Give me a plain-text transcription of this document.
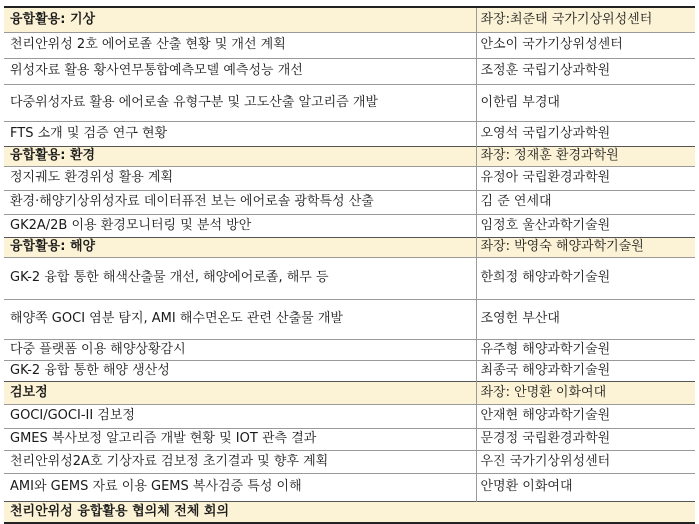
융합활용: 기상	좌장:최준태 국가기상위성센터
천리안위성 2호 에어로졸 산출 현황 및 개선 계획	안소이 국가기상위성센터
위성자료 활용 황사연무통합예측모델 예측성능 개선	조정훈 국립기상과학원
다중위성자료 활용 에어로솔 유형구분 및 고도산출 알고리즘 개발	이한림 부경대
FTS 소개 및 검증 연구 현황	오영석 국립기상과학원
융합활용: 환경	좌장: 정재훈 환경과학원
정지궤도 환경위성 활용 계획	유정아 국립환경과학원
환경·해양기상위성자료 데이터퓨전 보는 에어로솔 광학특성 산출	김 준 연세대
GK2A/2B 이용 환경모니터링 및 분석 방안	임정호 울산과학기술원
융합활용: 해양	좌장: 박영숙 해양과학기술원
GK-2 융합 통한 해색산출물 개선, 해양에어로졸, 해무 등	한희정 해양과학기술원
해양쪽 GOCI 염분 탐지, AMI 해수면온도 관련 산출물 개발	조영헌 부산대
다중 플랫폼 이용 해양상황감시	유주형 해양과학기술원
GK-2 융합 통한 해양 생산성	최종국 해양과학기술원
검보정	좌장: 안명환 이화여대
GOCI/GOCI-II 검보정	안재현 해양과학기술원
GMES 복사보정 알고리즘 개발 현황 및 IOT 관측 결과	문경정 국립환경과학원
천리안위성2A호 기상자료 검보정 초기결과 및 향후 계획	우진 국가기상위성센터
AMI와 GEMS 자료 이용 GEMS 복사검증 특성 이해	안명환 이화여대
천리안위성 융합활용 협의체 전체 회의	
